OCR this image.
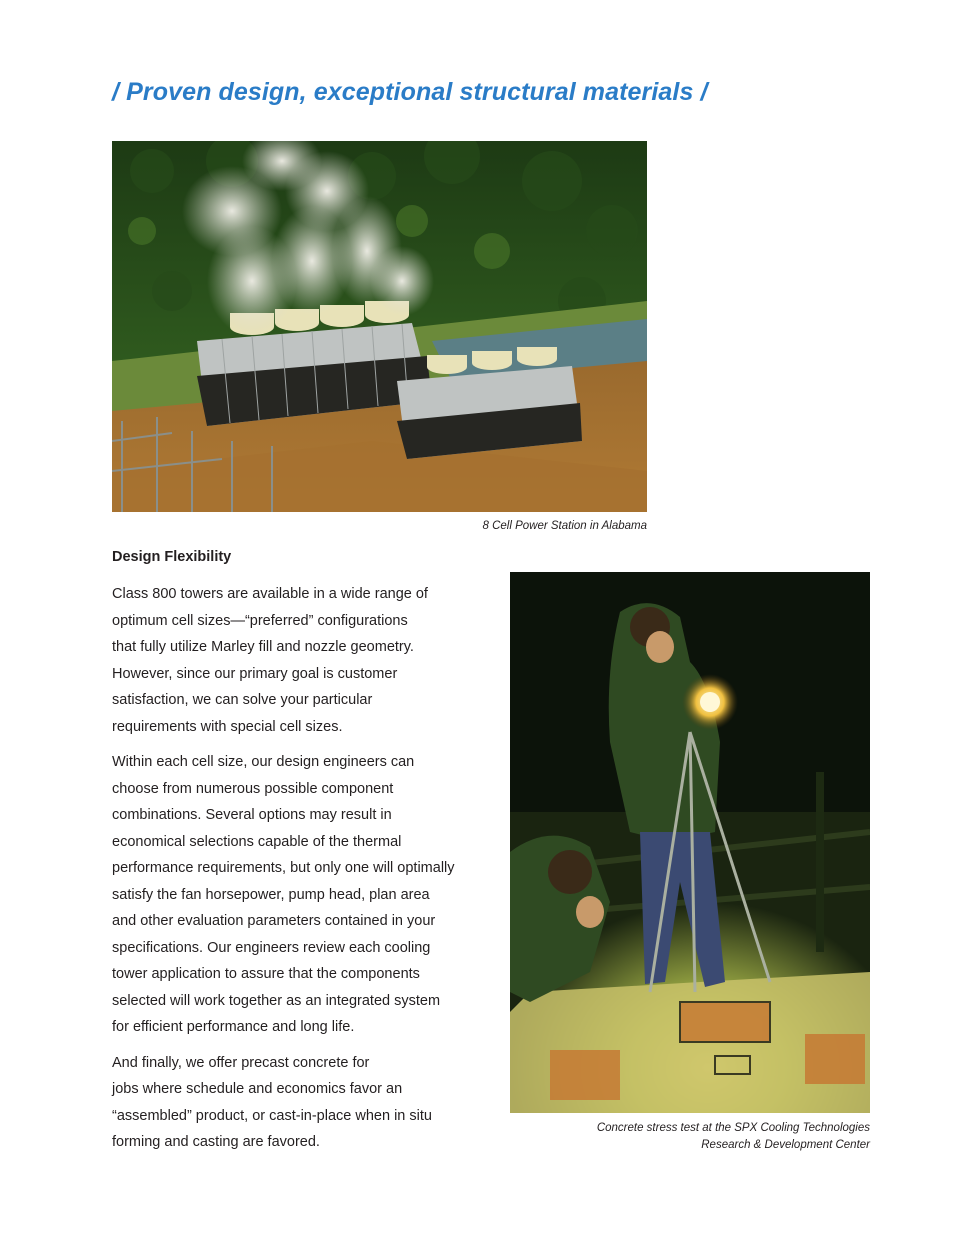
/ Proven design, exceptional structural materials /

8 Cell Power Station in Alabama

Design Flexibility

Class 800 towers are available in a wide range of
optimum cell sizes—“preferred” configurations
that fully utilize Marley fill and nozzle geometry.
However, since our primary goal is customer
satisfaction, we can solve your particular
requirements with special cell sizes.

Within each cell size, our design engineers can
choose from numerous possible component
combinations. Several options may result in
economical selections capable of the thermal
performance requirements, but only one will optimally
satisfy the fan horsepower, pump head, plan area
and other evaluation parameters contained in your
specifications. Our engineers review each cooling
tower application to assure that the components
selected will work together as an integrated system
for efficient performance and long life.

And finally, we offer precast concrete for
jobs where schedule and economics favor an
“assembled” product, or cast-in-place when in situ
forming and casting are favored.

Concrete stress test at the SPX Cooling Technologies
Research & Development Center
